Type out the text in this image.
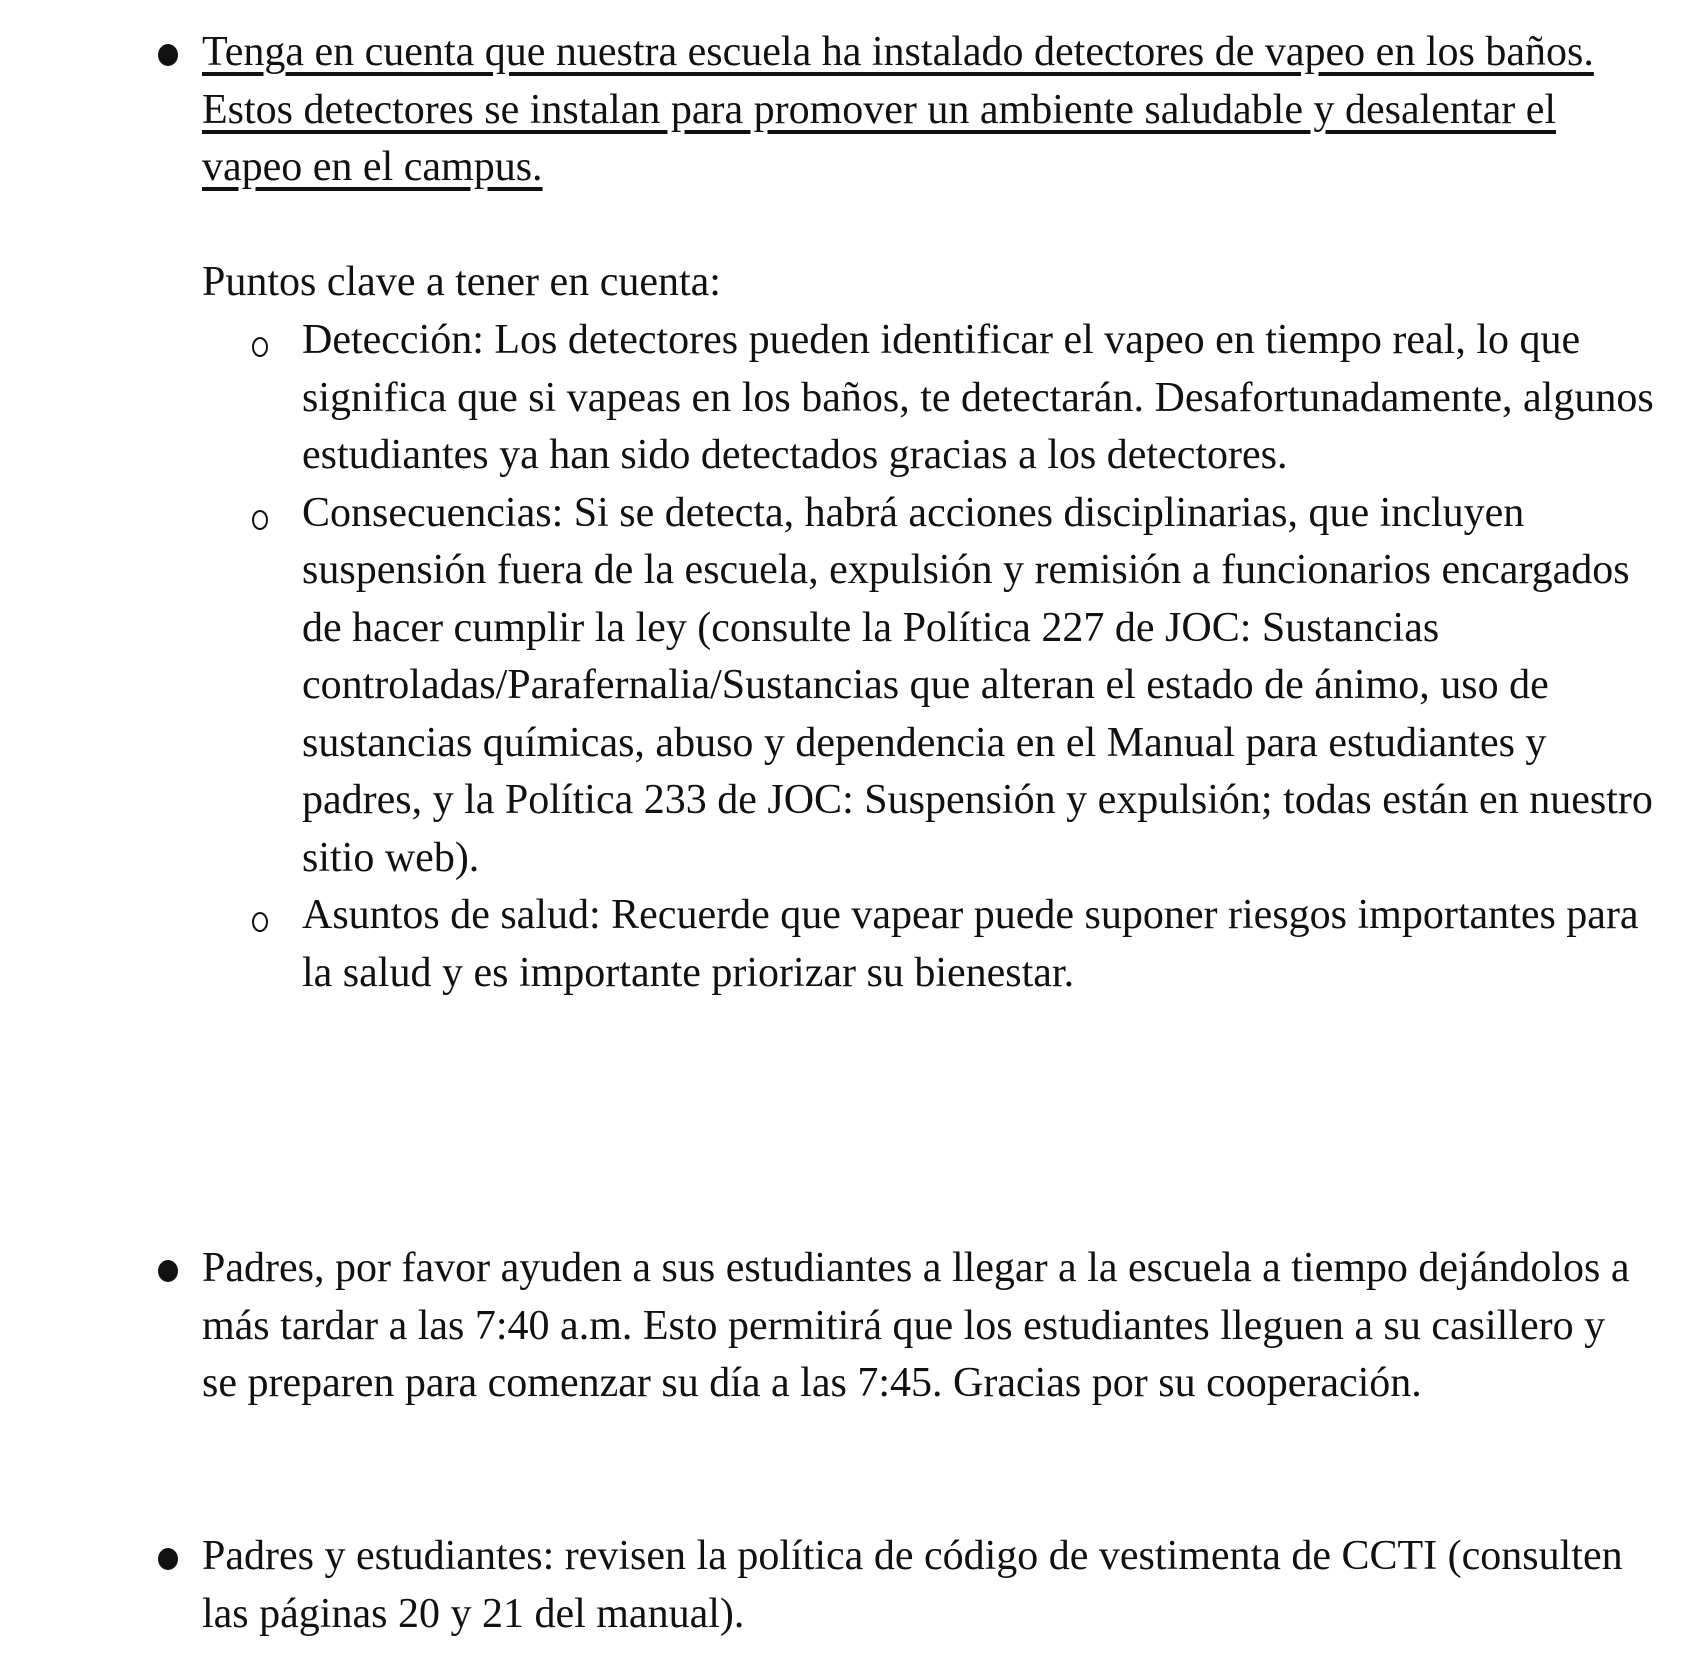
Tenga en cuenta que nuestra escuela ha instalado detectores de vapeo en los baños. Estos detectores se instalan para promover un ambiente saludable y desalentar el vapeo en el campus.
Puntos clave a tener en cuenta:
Detección: Los detectores pueden identificar el vapeo en tiempo real, lo que significa que si vapeas en los baños, te detectarán. Desafortunadamente, algunos estudiantes ya han sido detectados gracias a los detectores.
Consecuencias: Si se detecta, habrá acciones disciplinarias, que incluyen suspensión fuera de la escuela, expulsión y remisión a funcionarios encargados de hacer cumplir la ley (consulte la Política 227 de JOC: Sustancias controladas/Parafernalia/Sustancias que alteran el estado de ánimo, uso de sustancias químicas, abuso y dependencia en el Manual para estudiantes y padres, y la Política 233 de JOC: Suspensión y expulsión; todas están en nuestro sitio web).
Asuntos de salud: Recuerde que vapear puede suponer riesgos importantes para la salud y es importante priorizar su bienestar.
Padres, por favor ayuden a sus estudiantes a llegar a la escuela a tiempo dejándolos a más tardar a las 7:40 a.m. Esto permitirá que los estudiantes lleguen a su casillero y se preparen para comenzar su día a las 7:45. Gracias por su cooperación.
Padres y estudiantes: revisen la política de código de vestimenta de CCTI (consulten las páginas 20 y 21 del manual).
